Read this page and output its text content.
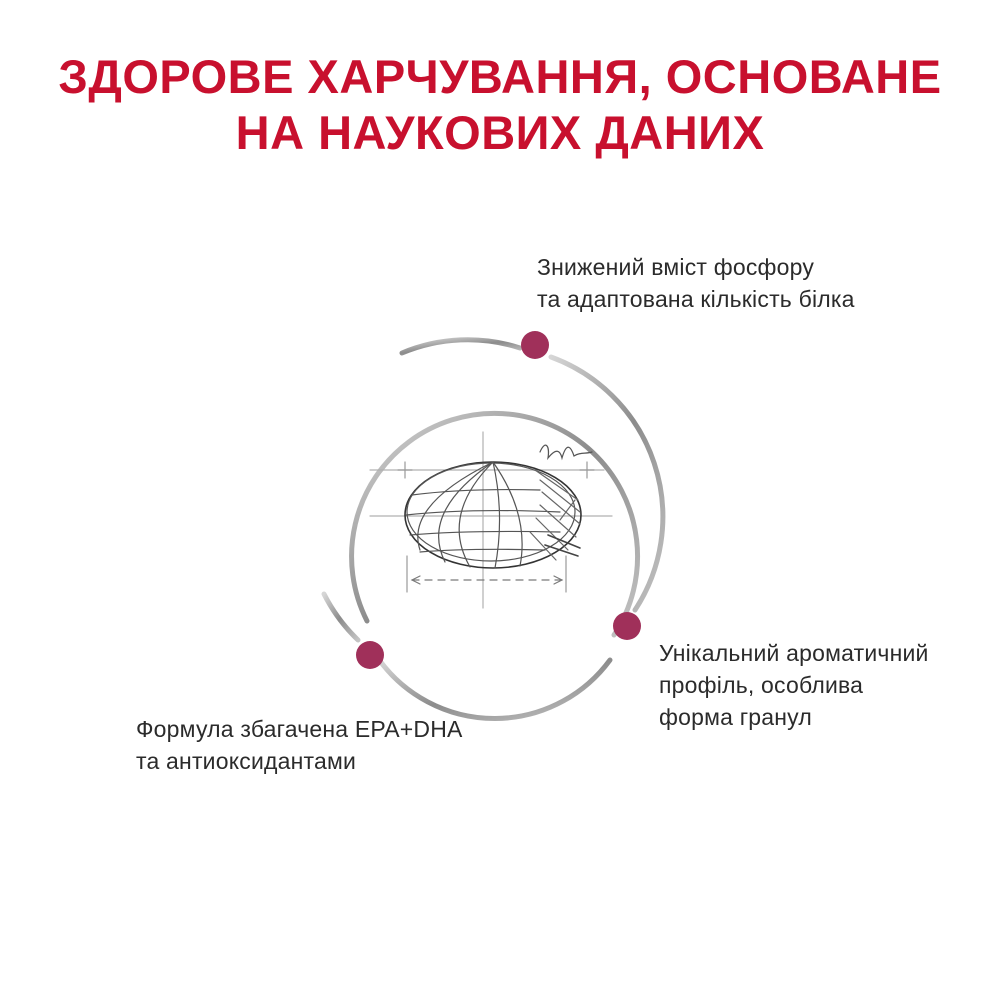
ЗДОРОВЕ ХАРЧУВАННЯ, ОСНОВАНЕ
НА НАУКОВИХ ДАНИХ
Знижений вміст фосфору
та адаптована кількість білка
Унікальний ароматичний
профіль, особлива
форма гранул
Формула збагачена EPA+DHA
та антиоксидантами
